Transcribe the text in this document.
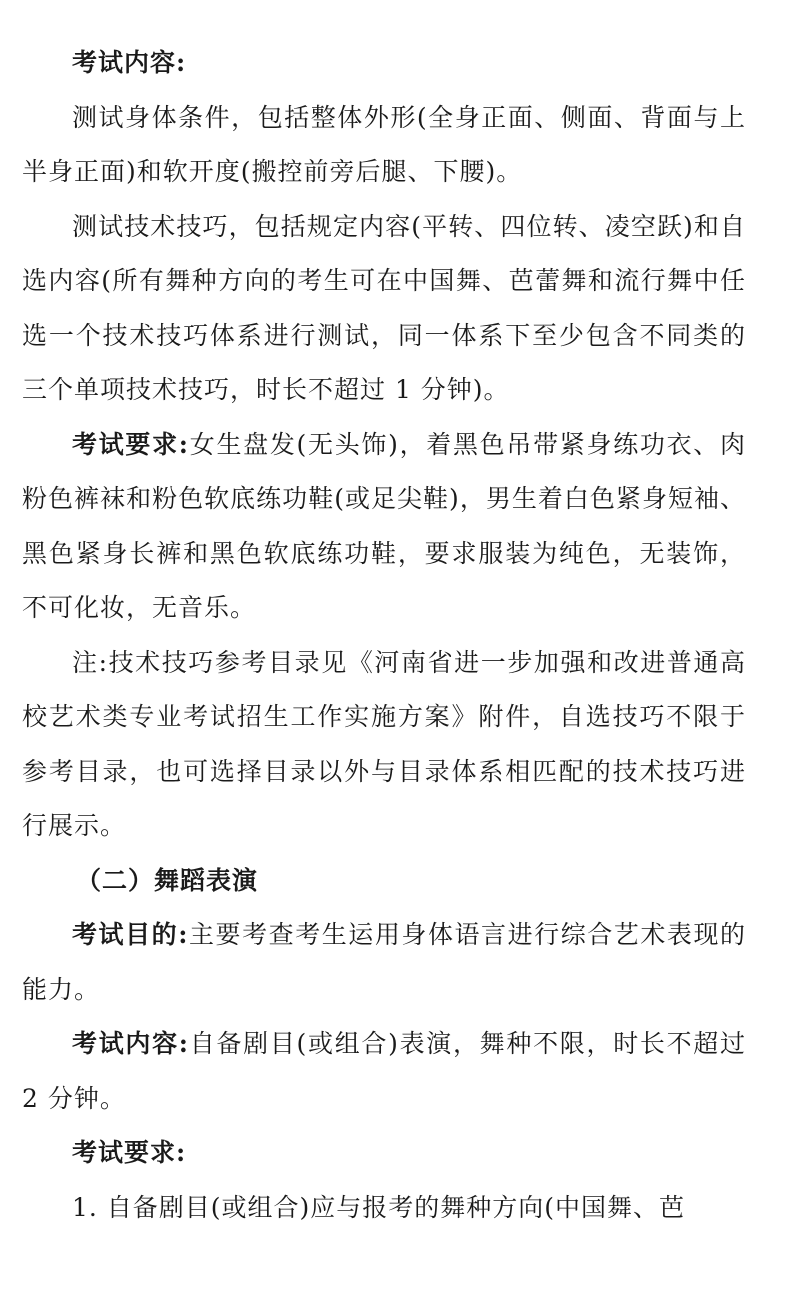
考试内容:

测试身体条件，包括整体外形(全身正面、侧面、背面与上半身正面)和软开度(搬控前旁后腿、下腰)。

测试技术技巧，包括规定内容(平转、四位转、凌空跃)和自选内容(所有舞种方向的考生可在中国舞、芭蕾舞和流行舞中任选一个技术技巧体系进行测试，同一体系下至少包含不同类的三个单项技术技巧，时长不超过 1 分钟)。

考试要求:女生盘发(无头饰)，着黑色吊带紧身练功衣、肉粉色裤袜和粉色软底练功鞋(或足尖鞋)，男生着白色紧身短袖、黑色紧身长裤和黑色软底练功鞋，要求服装为纯色，无装饰，不可化妆，无音乐。

注:技术技巧参考目录见《河南省进一步加强和改进普通高校艺术类专业考试招生工作实施方案》附件，自选技巧不限于参考目录，也可选择目录以外与目录体系相匹配的技术技巧进行展示。

（二）舞蹈表演

考试目的:主要考查考生运用身体语言进行综合艺术表现的能力。

考试内容:自备剧目(或组合)表演，舞种不限，时长不超过 2 分钟。

考试要求:

1. 自备剧目(或组合)应与报考的舞种方向(中国舞、芭
